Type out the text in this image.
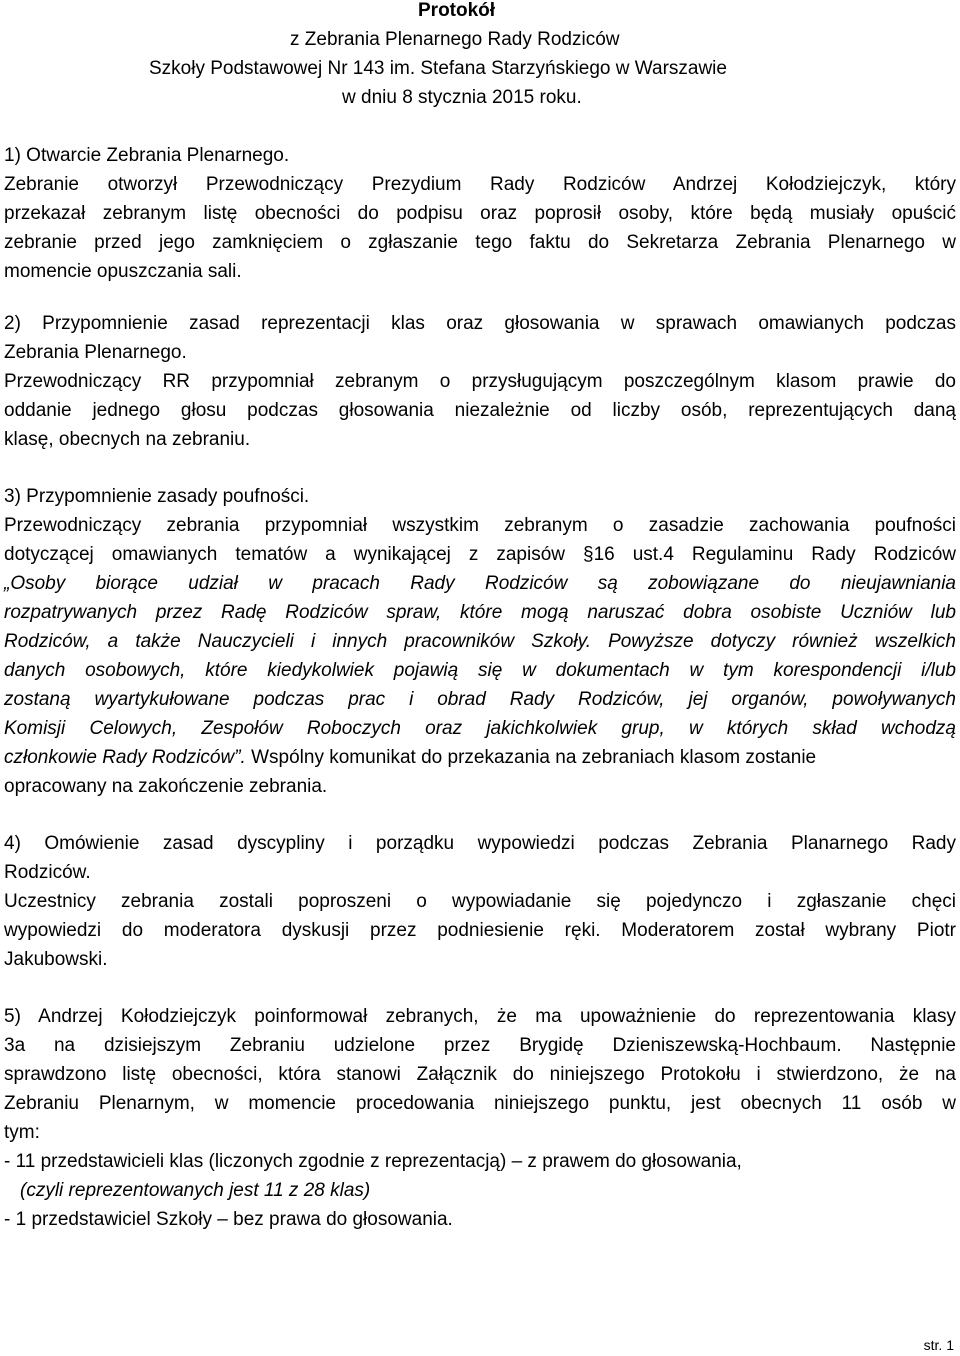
Protokół
z Zebrania Plenarnego Rady Rodziców
Szkoły Podstawowej Nr 143 im. Stefana Starzyńskiego w Warszawie
w dniu 8 stycznia 2015 roku.
1) Otwarcie Zebrania Plenarnego.
Zebranie otworzył Przewodniczący Prezydium Rady Rodziców Andrzej Kołodziejczyk, który
przekazał zebranym listę obecności do podpisu oraz poprosił osoby, które będą musiały opuścić
zebranie przed jego zamknięciem o zgłaszanie tego faktu do Sekretarza Zebrania Plenarnego w
momencie opuszczania sali.
2) Przypomnienie zasad reprezentacji klas oraz głosowania w sprawach omawianych podczas
Zebrania Plenarnego.
Przewodniczący RR przypomniał zebranym o przysługującym poszczególnym klasom prawie do
oddanie jednego głosu podczas głosowania niezależnie od liczby osób, reprezentujących daną
klasę, obecnych na zebraniu.
3) Przypomnienie zasady poufności.
Przewodniczący zebrania przypomniał wszystkim zebranym o zasadzie zachowania poufności
dotyczącej omawianych tematów a wynikającej z zapisów §16 ust.4 Regulaminu Rady Rodziców
„Osoby biorące udział w pracach Rady Rodziców są zobowiązane do nieujawniania
rozpatrywanych przez Radę Rodziców spraw, które mogą naruszać dobra osobiste Uczniów lub
Rodziców, a także Nauczycieli i innych pracowników Szkoły. Powyższe dotyczy również wszelkich
danych osobowych, które kiedykolwiek pojawią się w dokumentach w tym korespondencji i/lub
zostaną wyartykułowane podczas prac i obrad Rady Rodziców, jej organów, powoływanych
Komisji Celowych, Zespołów Roboczych oraz jakichkolwiek grup, w których skład wchodzą
członkowie Rady Rodziców”. Wspólny komunikat do przekazania na zebraniach klasom zostanie
opracowany na zakończenie zebrania.
4) Omówienie zasad dyscypliny i porządku wypowiedzi podczas Zebrania Planarnego Rady
Rodziców.
Uczestnicy zebrania zostali poproszeni o wypowiadanie się pojedynczo i zgłaszanie chęci
wypowiedzi do moderatora dyskusji przez podniesienie ręki. Moderatorem został wybrany Piotr
Jakubowski.
5) Andrzej Kołodziejczyk poinformował zebranych, że ma upoważnienie do reprezentowania klasy
3a na dzisiejszym Zebraniu udzielone przez Brygidę Dzieniszewską-Hochbaum. Następnie
sprawdzono listę obecności, która stanowi Załącznik do niniejszego Protokołu i stwierdzono, że na
Zebraniu Plenarnym, w momencie procedowania niniejszego punktu, jest obecnych 11 osób w
tym:
- 11 przedstawicieli klas (liczonych zgodnie z reprezentacją) – z prawem do głosowania,
(czyli reprezentowanych jest 11 z 28 klas)
- 1 przedstawiciel Szkoły – bez prawa do głosowania.
str. 1
